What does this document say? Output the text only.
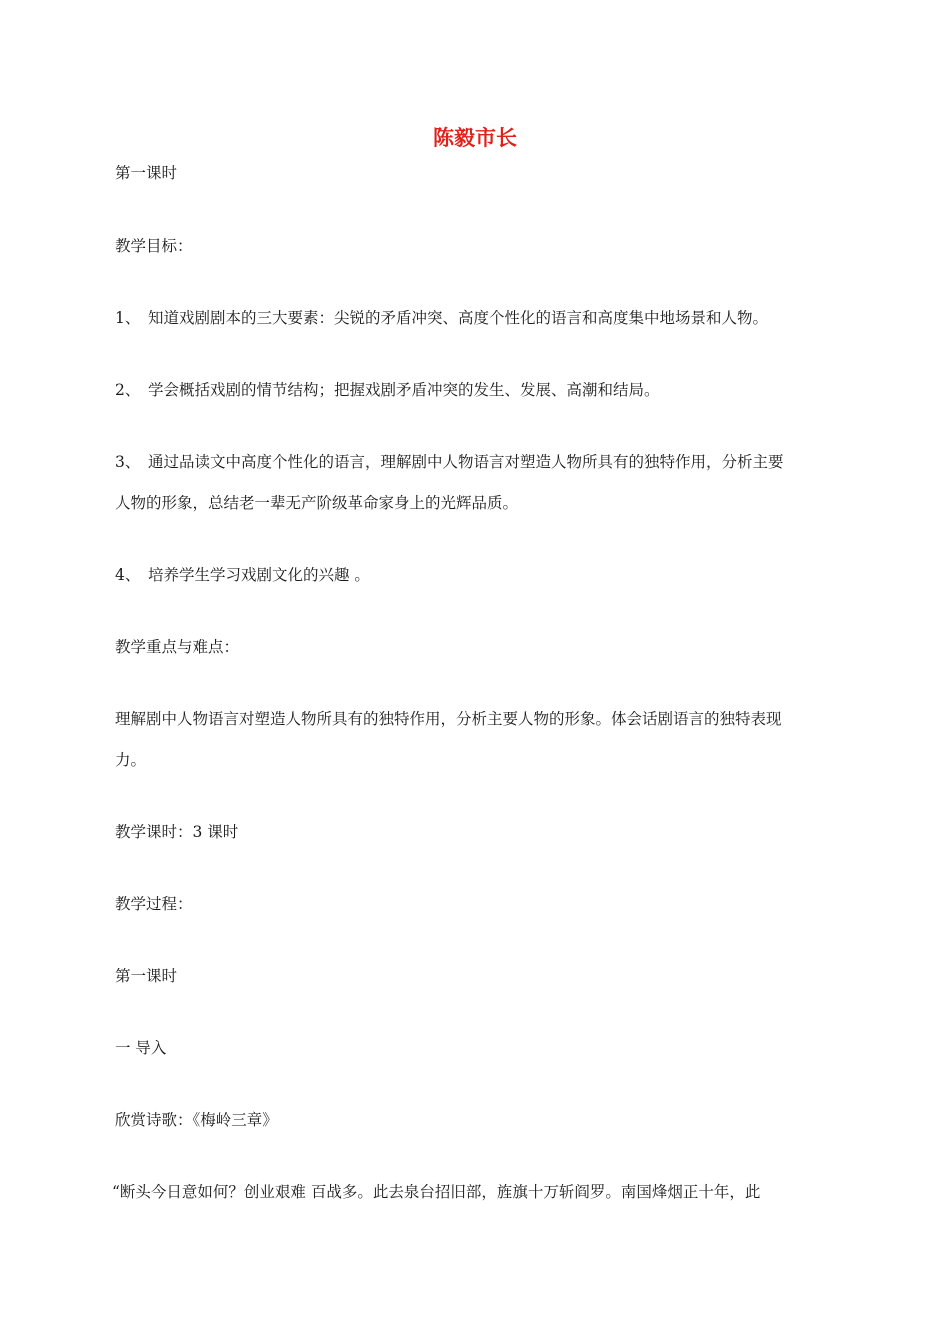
陈毅市长

第一课时

教学目标：

1、 知道戏剧剧本的三大要素：尖锐的矛盾冲突、高度个性化的语言和高度集中地场景和人物。

2、 学会概括戏剧的情节结构；把握戏剧矛盾冲突的发生、发展、高潮和结局。

3、 通过品读文中高度个性化的语言，理解剧中人物语言对塑造人物所具有的独特作用，分析主要

人物的形象，总结老一辈无产阶级革命家身上的光辉品质。

4、 培养学生学习戏剧文化的兴趣 。

教学重点与难点：

理解剧中人物语言对塑造人物所具有的独特作用，分析主要人物的形象。体会话剧语言的独特表现

力。

教学课时：3 课时

教学过程：

第一课时

一 导入

欣赏诗歌：《梅岭三章》

“断头今日意如何？创业艰难 百战多。此去泉台招旧部，旌旗十万斩阎罗。南国烽烟正十年，此
